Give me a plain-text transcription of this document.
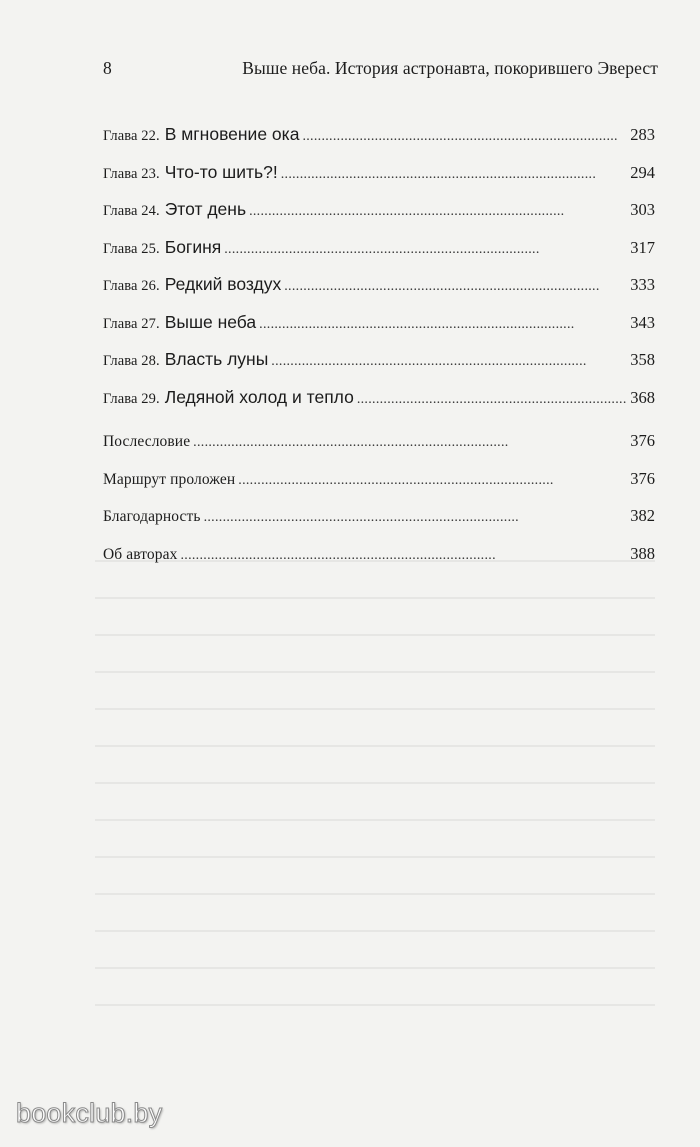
8	Выше неба. История астронавта, покорившего Эверест
Глава 22. В мгновение ока . . .	283
Глава 23. Что-то шить?! . . .	294
Глава 24. Этот день . . .	303
Глава 25. Богиня . . .	317
Глава 26. Редкий воздух . . .	333
Глава 27. Выше неба . . .	343
Глава 28. Власть луны . . .	358
Глава 29. Ледяной холод и тепло . . .	368
Послесловие . . .	376
Маршрут проложен . . .	376
Благодарность . . .	382
Об авторах . . .	388
bookclub.by
